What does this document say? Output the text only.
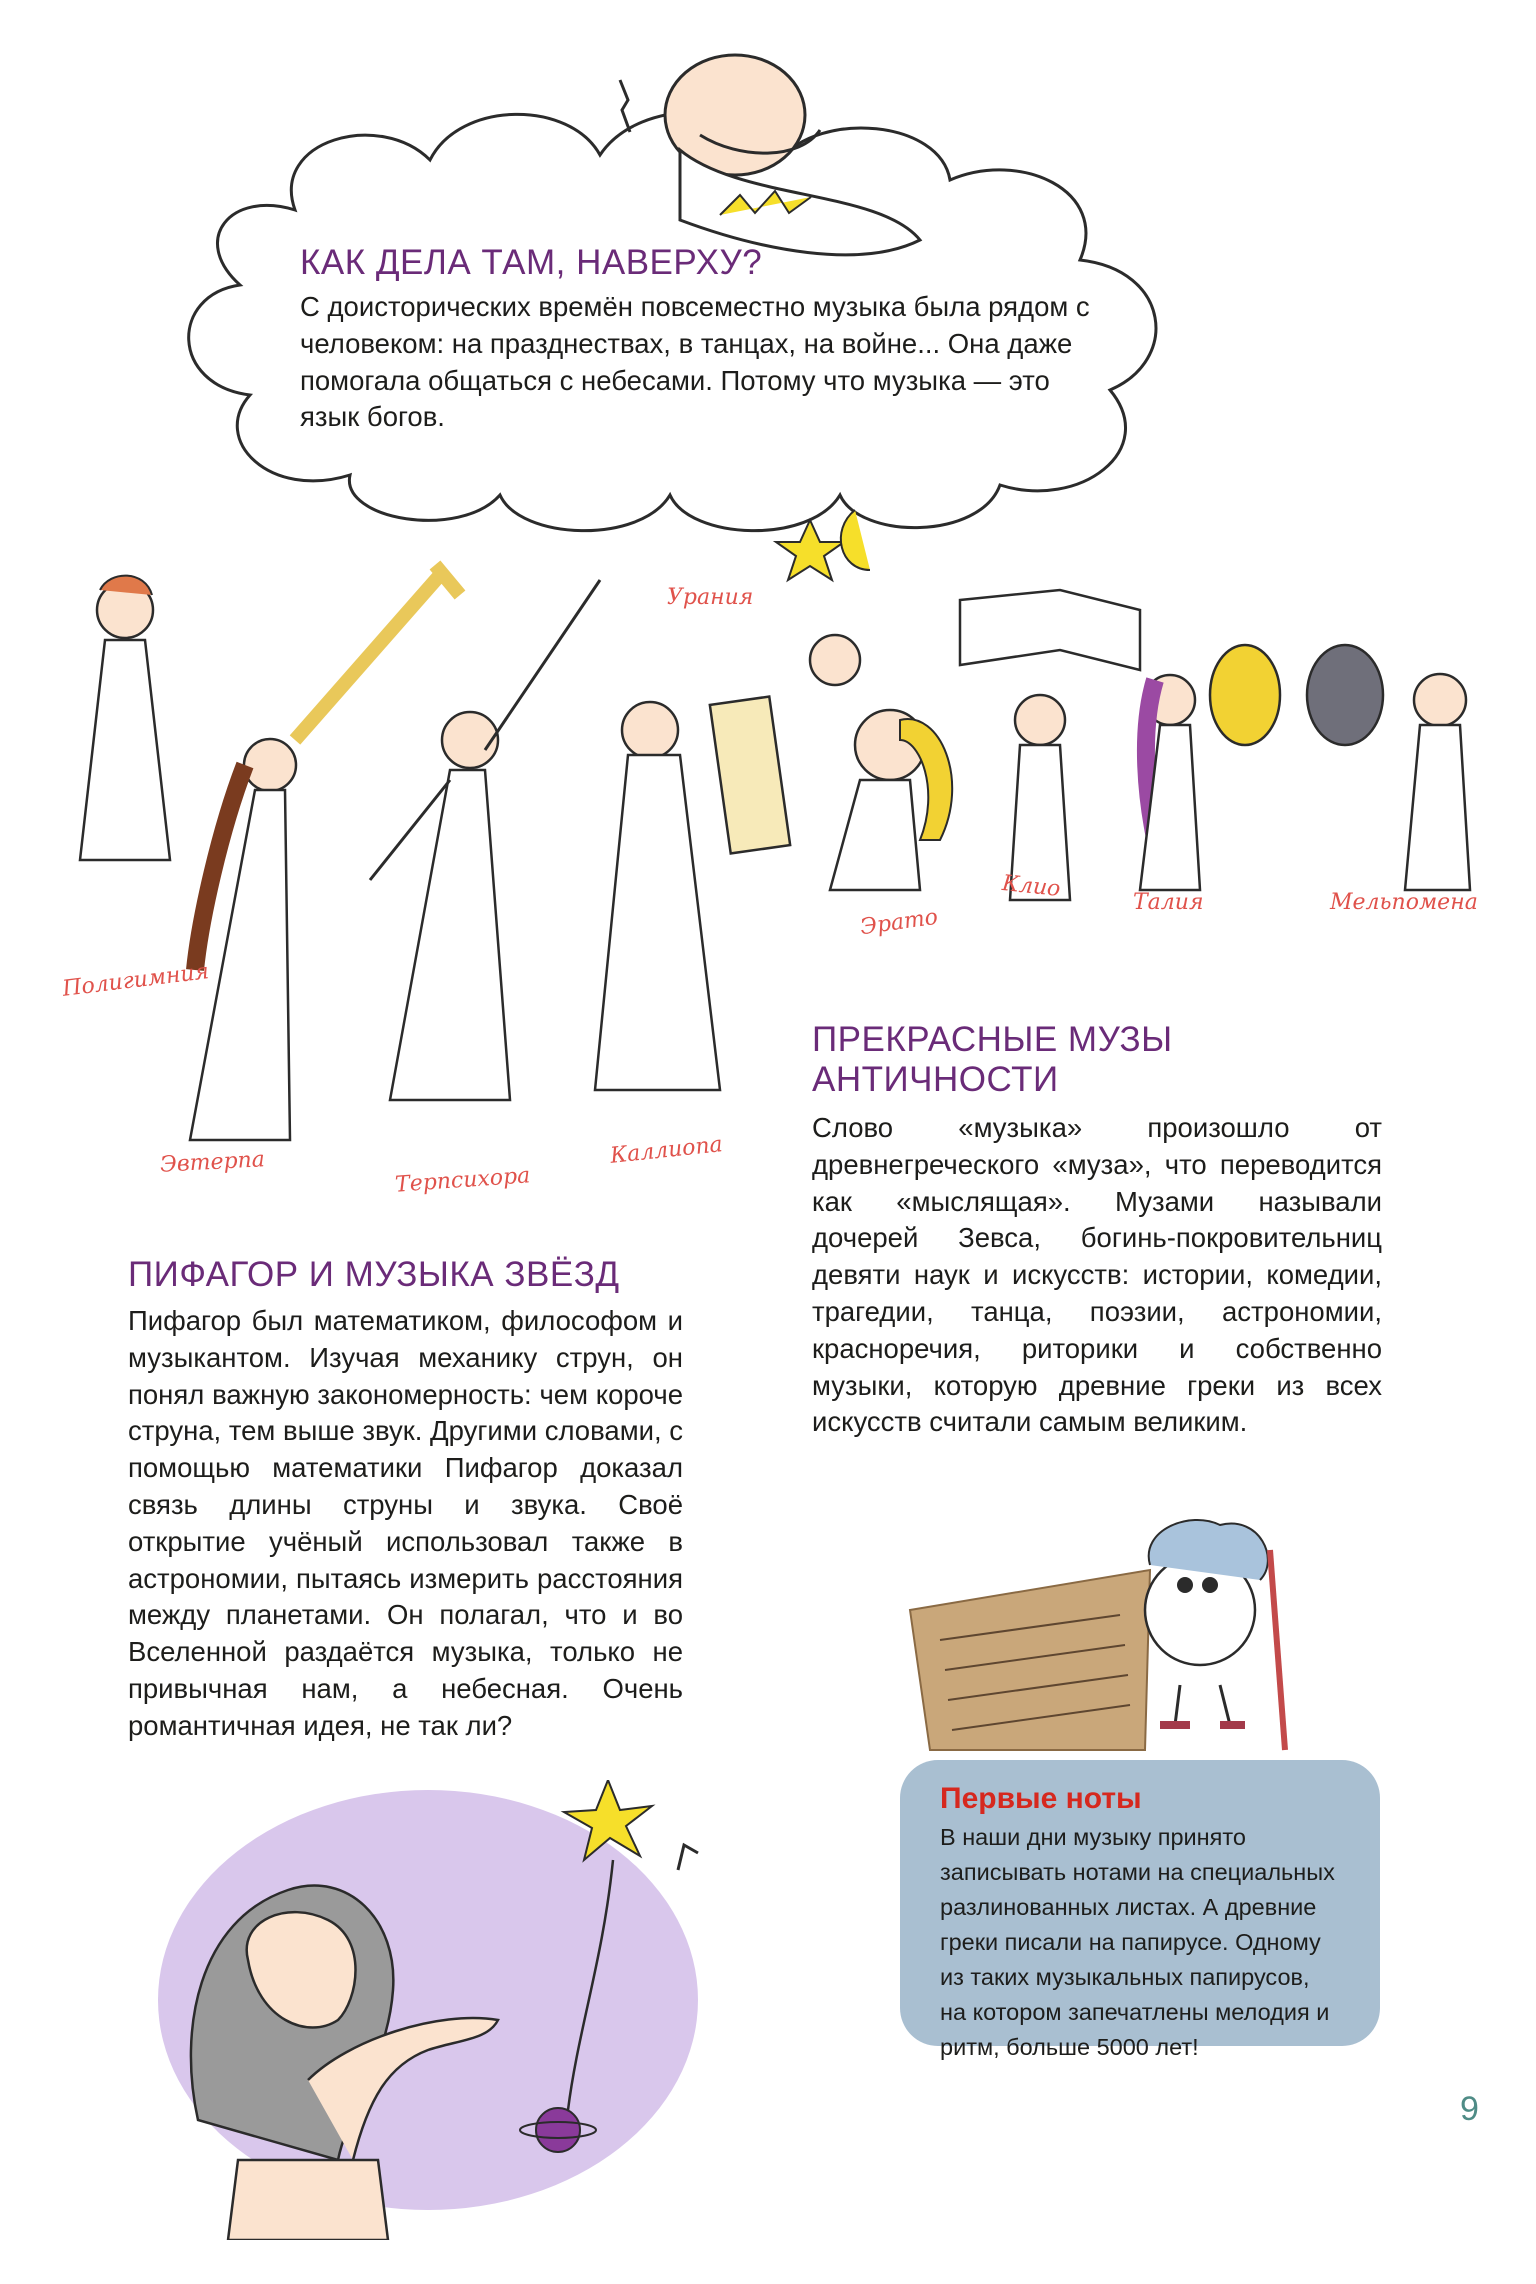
КАК ДЕЛА ТАМ, НАВЕРХУ?

С доисторических времён повсеместно музыка была рядом с человеком: на празднествах, в танцах, на войне... Она даже помогала общаться с небесами. Потому что музыка — это язык богов.

Полигимния
Эвтерпа
Терпсихора
Каллиопа
Урания
Эрато
Клио
Талия	Мельпомена
ПРЕКРАСНЫЕ МУЗЫ АНТИЧНОСТИ

Слово «музыка» произошло от древнегреческого «муза», что переводится как «мыслящая». Музами называли дочерей Зевса, богинь-покровительниц девяти наук и искусств: истории, комедии, трагедии, танца, поэзии, астрономии, красноречия, риторики и собственно музыки, которую древние греки из всех искусств считали самым великим.

ПИФАГОР И МУЗЫКА ЗВЁЗД

Пифагор был математиком, философом и музыкантом. Изучая механику струн, он понял важную закономерность: чем короче струна, тем выше звук. Другими словами, с помощью математики Пифагор доказал связь длины струны и звука. Своё открытие учёный использовал также в астрономии, пытаясь измерить расстояния между планетами. Он полагал, что и во Вселенной раздаётся музыка, только не привычная нам, а небесная. Очень романтичная идея, не так ли?

Первые ноты

В наши дни музыку принято записывать нотами на специальных разлинованных листах. А древние греки писали на папирусе. Одному из таких музыкальных папирусов, на котором запечатлены мелодия и ритм, больше 5000 лет!

9
